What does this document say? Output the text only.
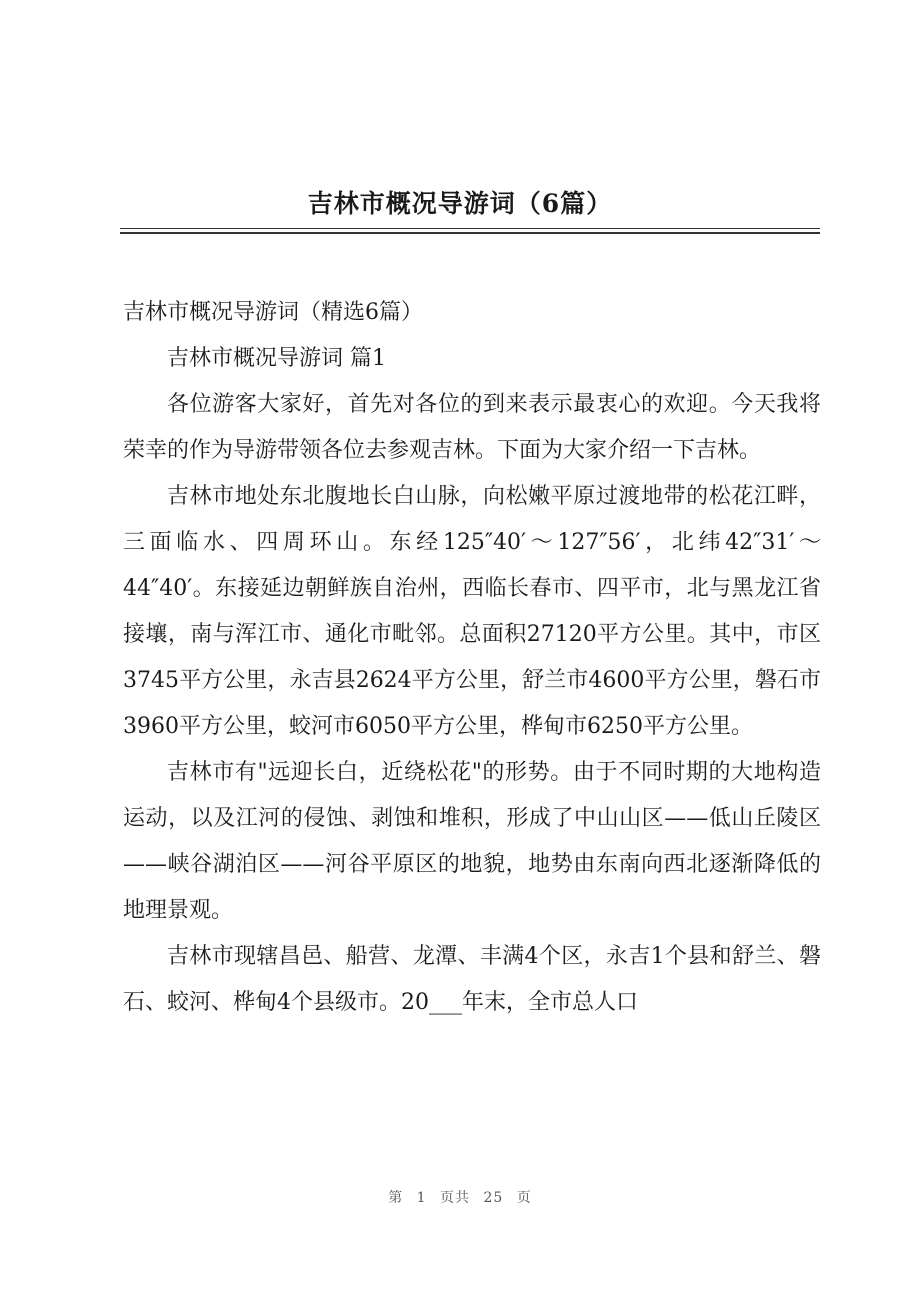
吉林市概况导游词（6篇）

吉林市概况导游词（精选6篇）

吉林市概况导游词 篇1

各位游客大家好，首先对各位的到来表示最衷心的欢迎。今天我将荣幸的作为导游带领各位去参观吉林。下面为大家介绍一下吉林。

吉林市地处东北腹地长白山脉，向松嫩平原过渡地带的松花江畔，三面临水、四周环山。东经125″40′～127″56′，北纬42″31′～44″40′。东接延边朝鲜族自治州，西临长春市、四平市，北与黑龙江省接壤，南与浑江市、通化市毗邻。总面积27120平方公里。其中，市区3745平方公里，永吉县2624平方公里，舒兰市4600平方公里，磐石市3960平方公里，蛟河市6050平方公里，桦甸市6250平方公里。

吉林市有"远迎长白，近绕松花"的形势。由于不同时期的大地构造运动，以及江河的侵蚀、剥蚀和堆积，形成了中山山区——低山丘陵区——峡谷湖泊区——河谷平原区的地貌，地势由东南向西北逐渐降低的地理景观。

吉林市现辖昌邑、船营、龙潭、丰满4个区，永吉1个县和舒兰、磐石、蛟河、桦甸4个县级市。20___年末，全市总人口

第 1 页共 25 页
